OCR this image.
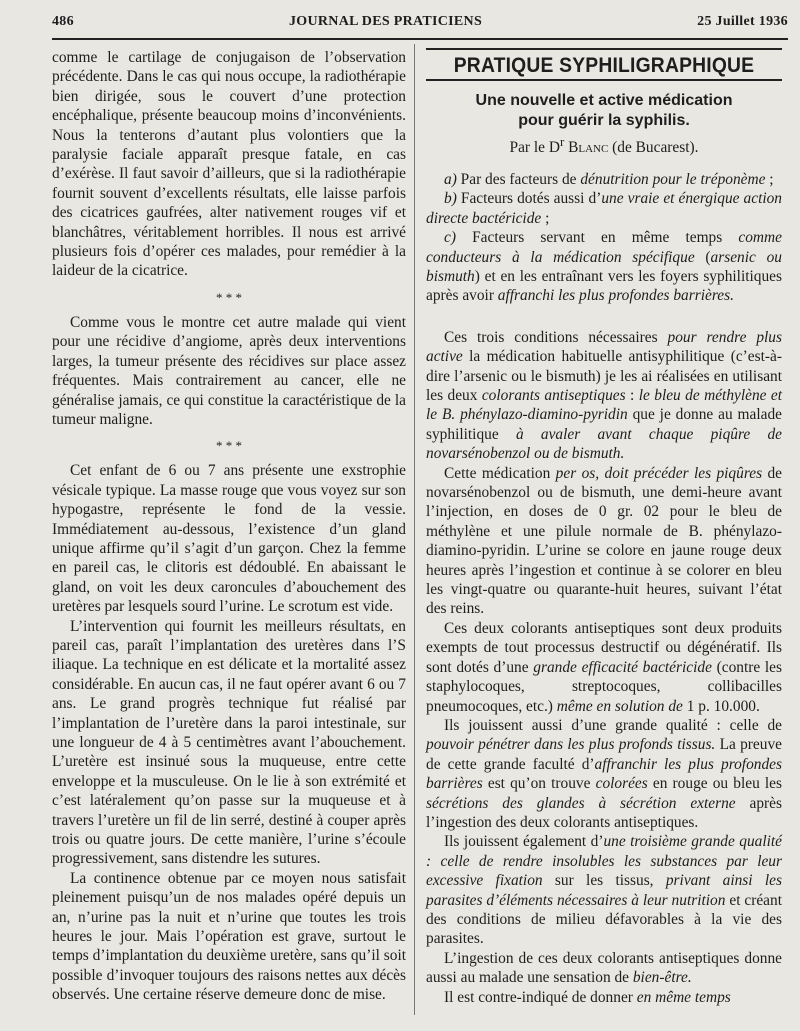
486	JOURNAL DES PRATICIENS	25 Juillet 1936

comme le cartilage de conjugaison de l’observation précédente. Dans le cas qui nous occupe, la radiothérapie bien dirigée, sous le couvert d’une protection encéphalique, présente beaucoup moins d’inconvénients. Nous la tenterons d’autant plus volontiers que la paralysie faciale apparaît presque fatale, en cas d’exérèse. Il faut savoir d’ailleurs, que si la radiothérapie fournit souvent d’excellents résultats, elle laisse parfois des cicatrices gaufrées, alter nativement rouges vif et blanchâtres, véritablement horribles. Il nous est arrivé plusieurs fois d’opérer ces malades, pour remédier à la laideur de la cicatrice.

* * *

Comme vous le montre cet autre malade qui vient pour une récidive d’angiome, après deux interventions larges, la tumeur présente des récidives sur place assez fréquentes. Mais contrairement au cancer, elle ne généralise jamais, ce qui constitue la caractéristique de la tumeur maligne.

* * *

Cet enfant de 6 ou 7 ans présente une exstrophie vésicale typique. La masse rouge que vous voyez sur son hypogastre, représente le fond de la vessie. Immédiatement au-dessous, l’existence d’un gland unique affirme qu’il s’agit d’un garçon. Chez la femme en pareil cas, le clitoris est dédoublé. En abaissant le gland, on voit les deux caroncules d’abouchement des uretères par lesquels sourd l’urine. Le scrotum est vide.

L’intervention qui fournit les meilleurs résultats, en pareil cas, paraît l’implantation des uretères dans l’S iliaque. La technique en est délicate et la mortalité assez considérable. En aucun cas, il ne faut opérer avant 6 ou 7 ans. Le grand progrès technique fut réalisé par l’implantation de l’uretère dans la paroi intestinale, sur une longueur de 4 à 5 centimètres avant l’abouchement. L’uretère est insinué sous la muqueuse, entre cette enveloppe et la musculeuse. On le lie à son extrémité et c’est latéralement qu’on passe sur la muqueuse et à travers l’uretère un fil de lin serré, destiné à couper après trois ou quatre jours. De cette manière, l’urine s’écoule progressivement, sans distendre les sutures.

La continence obtenue par ce moyen nous satisfait pleinement puisqu’un de nos malades opéré depuis un an, n’urine pas la nuit et n’urine que toutes les trois heures le jour. Mais l’opération est grave, surtout le temps d’implantation du deuxième uretère, sans qu’il soit possible d’invoquer toujours des raisons nettes aux décès observés. Une certaine réserve demeure donc de mise.

PRATIQUE SYPHILIGRAPHIQUE
Une nouvelle et active médication
pour guérir la syphilis.
Par le $D^r$ Blanc (de Bucarest).

a) Par des facteurs de dénutrition pour le tréponème ;

b) Facteurs dotés aussi d’une vraie et énergique action directe bactéricide ;

c) Facteurs servant en même temps comme conducteurs à la médication spécifique (arsenic ou bismuth) et en les entraînant vers les foyers syphilitiques après avoir affranchi les plus profondes barrières.

Ces trois conditions nécessaires pour rendre plus active la médication habituelle antisyphilitique (c’est-à-dire l’arsenic ou le bismuth) je les ai réalisées en utilisant les deux colorants antiseptiques : le bleu de méthylène et le B. phénylazo-diamino-pyridin que je donne au malade syphilitique à avaler avant chaque piqûre de novarsénobenzol ou de bismuth.

Cette médication per os, doit précéder les piqûres de novarsénobenzol ou de bismuth, une demi-heure avant l’injection, en doses de 0 gr. 02 pour le bleu de méthylène et une pilule normale de B. phénylazo-diamino-pyridin. L’urine se colore en jaune rouge deux heures après l’ingestion et continue à se colorer en bleu les vingt-quatre ou quarante-huit heures, suivant l’état des reins.

Ces deux colorants antiseptiques sont deux produits exempts de tout processus destructif ou dégénératif. Ils sont dotés d’une grande efficacité bactéricide (contre les staphylocoques, streptocoques, collibacilles pneumocoques, etc.) même en solution de 1 p. 10.000.

Ils jouissent aussi d’une grande qualité : celle de pouvoir pénétrer dans les plus profonds tissus. La preuve de cette grande faculté d’affranchir les plus profondes barrières est qu’on trouve colorées en rouge ou bleu les sécrétions des glandes à sécrétion externe après l’ingestion des deux colorants antiseptiques.

Ils jouissent également d’une troisième grande qualité : celle de rendre insolubles les substances par leur excessive fixation sur les tissus, privant ainsi les parasites d’éléments nécessaires à leur nutrition et créant des conditions de milieu défavorables à la vie des parasites.

L’ingestion de ces deux colorants antiseptiques donne aussi au malade une sensation de bien-être.

Il est contre-indiqué de donner en même temps
